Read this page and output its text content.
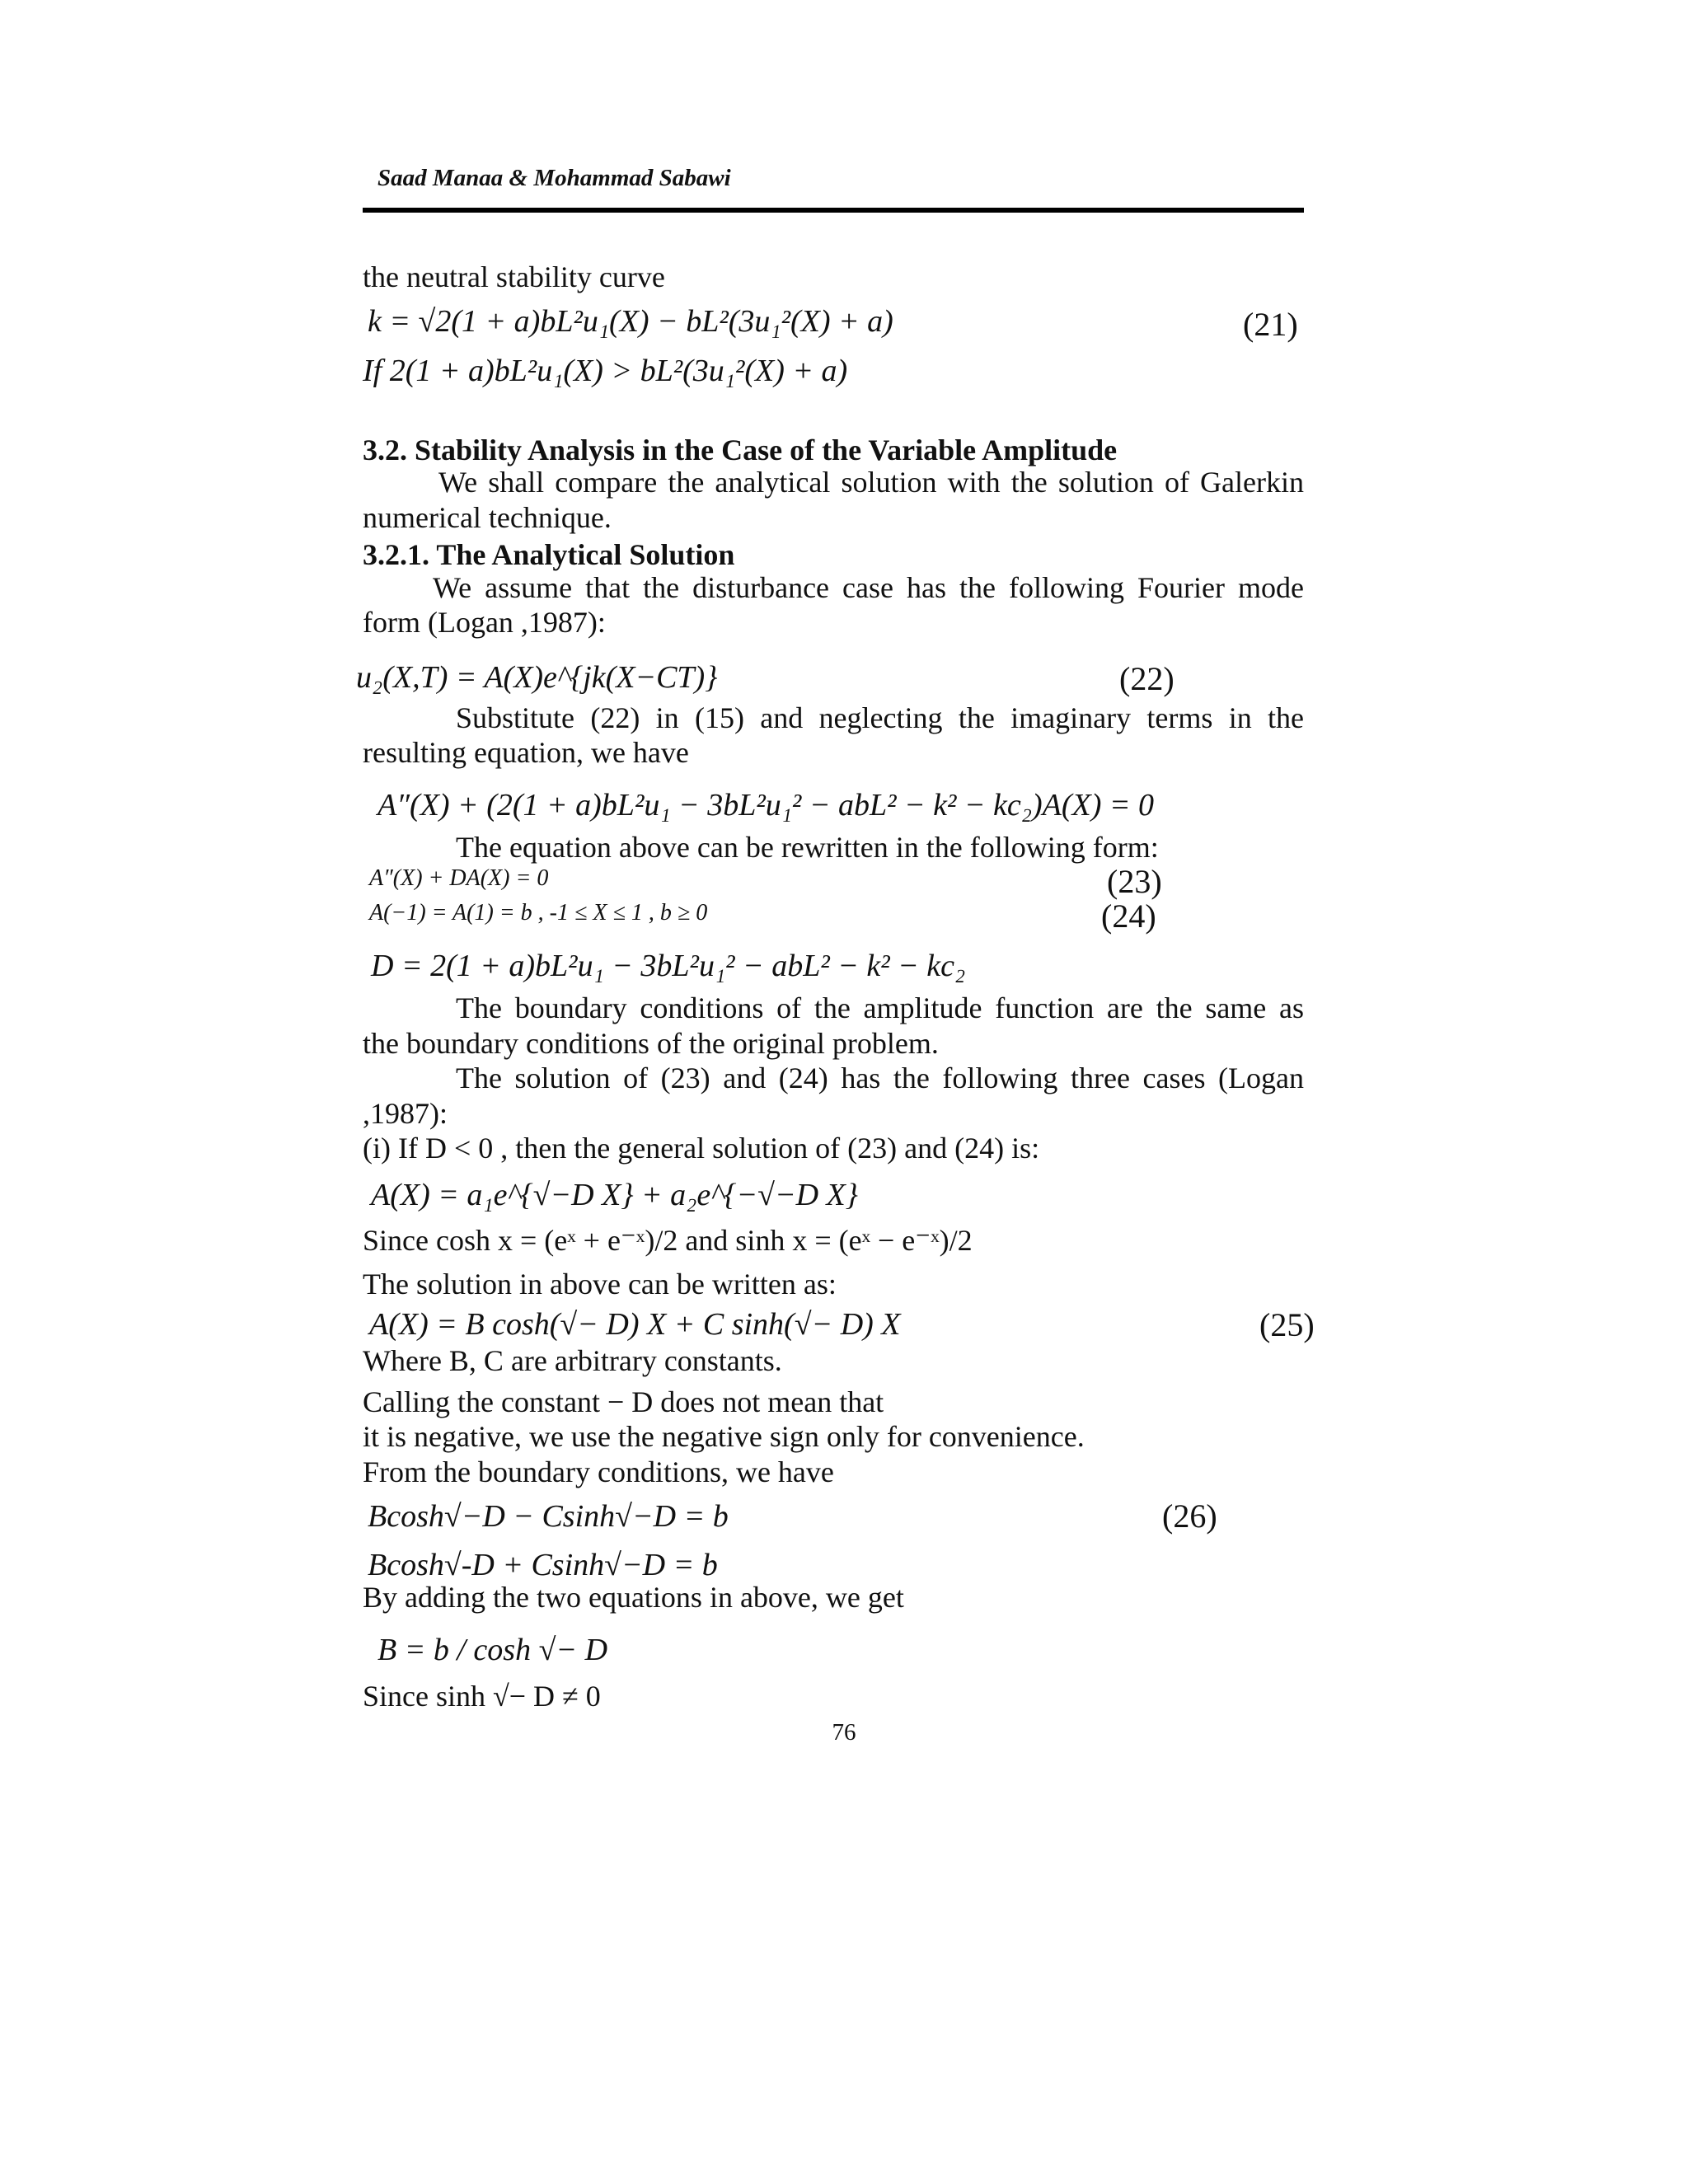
Saad Manaa & Mohammad Sabawi
the neutral stability curve
k = √2(1 + a)bL²u₁(X) − bL²(3u₁²(X) + a)	(21)
If 2(1 + a)bL²u₁(X) > bL²(3u₁²(X) + a)
3.2. Stability Analysis in the Case of the Variable Amplitude
We shall compare the analytical solution with the solution of Galerkin
numerical technique.
3.2.1. The Analytical Solution
We assume that the disturbance case has the following Fourier mode
form (Logan ,1987):
u₂(X,T) = A(X)e^{jk(X−CT)}	(22)
Substitute (22) in (15) and neglecting the imaginary terms in the
resulting equation, we have
A″(X) + (2(1 + a)bL²u₁ − 3bL²u₁² − abL² − k² − kc₂)A(X) = 0
The equation above can be rewritten in the following form:
A″(X) + DA(X) = 0	(23)
A(−1) = A(1) = b , -1 ≤ X ≤ 1 , b ≥ 0	(24)
D = 2(1 + a)bL²u₁ − 3bL²u₁² − abL² − k² − kc₂
The boundary conditions of the amplitude function are the same as
the boundary conditions of the original problem.
The solution of (23) and (24) has the following three cases (Logan
,1987):
(i) If D < 0 , then the general solution of (23) and (24) is:
A(X) = a₁e^{√−D X} + a₂e^{−√−D X}
Since cosh x = (eˣ + e⁻ˣ)/2 and sinh x = (eˣ − e⁻ˣ)/2
The solution in above can be written as:
A(X) = B cosh(√− D) X + C sinh(√− D) X	(25)
Where B, C are arbitrary constants.
Calling the constant − D does not mean that
it is negative, we use the negative sign only for convenience.
From the boundary conditions, we have
Bcosh√−D − Csinh√−D = b	(26)
Bcosh√-D + Csinh√−D = b
By adding the two equations in above, we get
B = b / cosh √− D
Since sinh √− D ≠ 0
76
